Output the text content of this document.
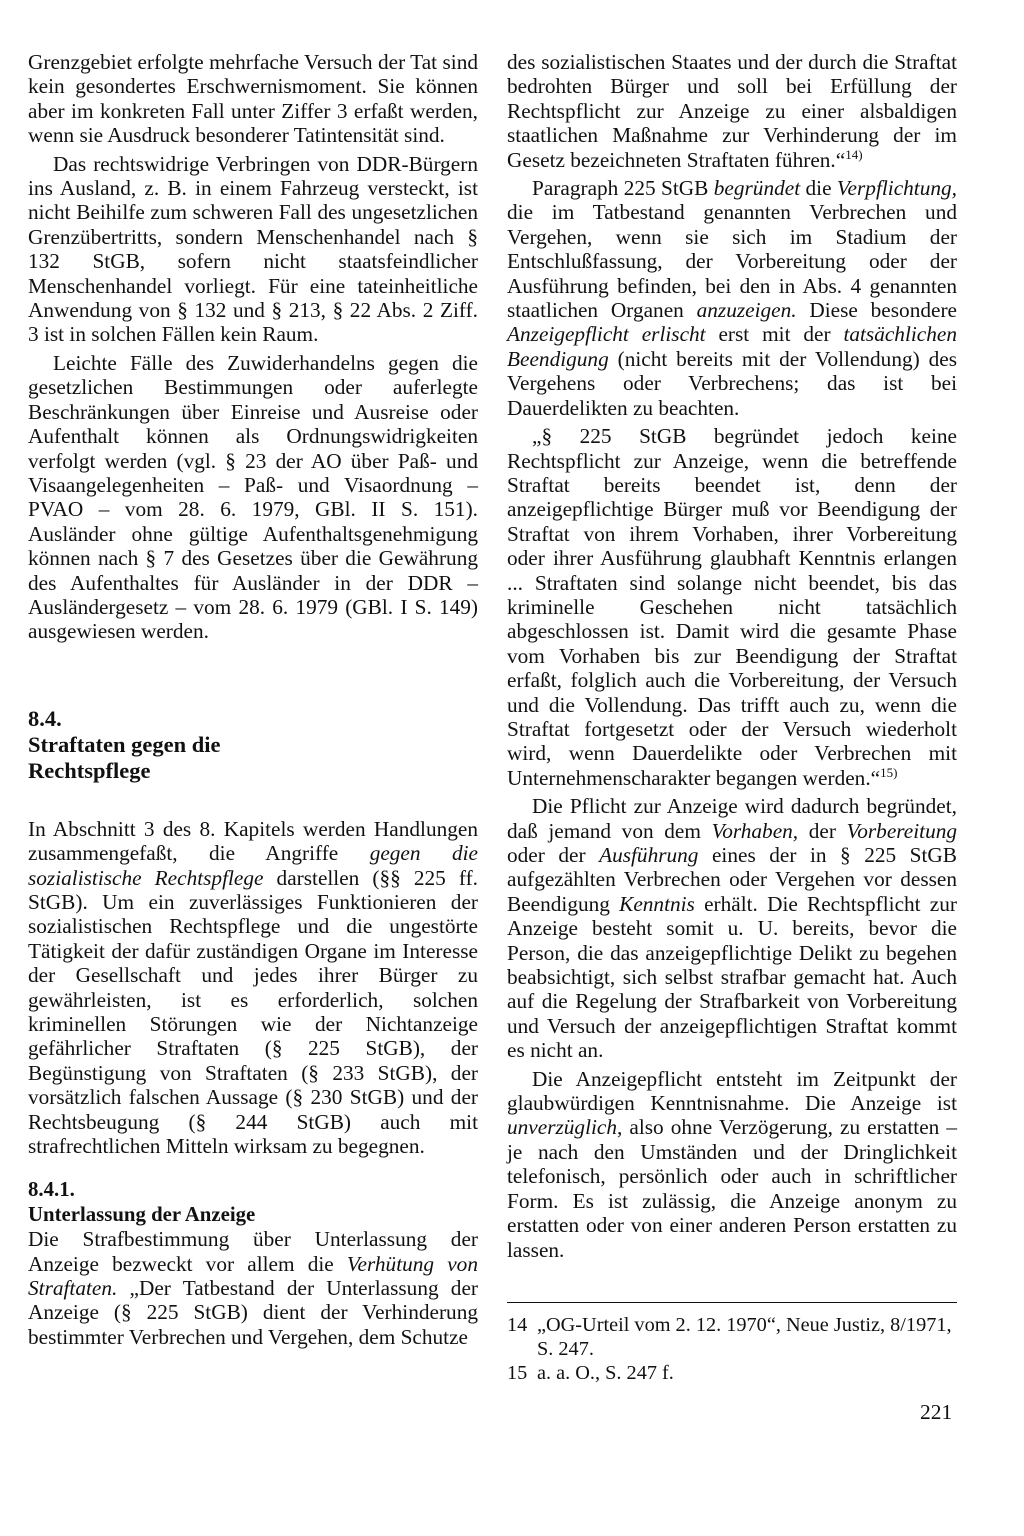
Grenzgebiet erfolgte mehrfache Versuch der Tat sind kein gesondertes Erschwernismoment. Sie können aber im konkreten Fall unter Ziffer 3 erfaßt werden, wenn sie Ausdruck besonderer Tatintensität sind.

Das rechtswidrige Verbringen von DDR-Bürgern ins Ausland, z. B. in einem Fahrzeug versteckt, ist nicht Beihilfe zum schweren Fall des ungesetzlichen Grenzübertritts, sondern Menschenhandel nach § 132 StGB, sofern nicht staatsfeindlicher Menschenhandel vorliegt. Für eine tateinheitliche Anwendung von § 132 und § 213, § 22 Abs. 2 Ziff. 3 ist in solchen Fällen kein Raum.

Leichte Fälle des Zuwiderhandelns gegen die gesetzlichen Bestimmungen oder auferlegte Beschränkungen über Einreise und Ausreise oder Aufenthalt können als Ordnungswidrigkeiten verfolgt werden (vgl. § 23 der AO über Paß- und Visaangelegenheiten – Paß- und Visaordnung – PVAO – vom 28. 6. 1979, GBl. II S. 151). Ausländer ohne gültige Aufenthaltsgenehmigung können nach § 7 des Gesetzes über die Gewährung des Aufenthaltes für Ausländer in der DDR – Ausländergesetz – vom 28. 6. 1979 (GBl. I S. 149) ausgewiesen werden.

8.4.
Straftaten gegen die
Rechtspflege

In Abschnitt 3 des 8. Kapitels werden Handlungen zusammengefaßt, die Angriffe gegen die sozialistische Rechtspflege darstellen (§§ 225 ff. StGB). Um ein zuverlässiges Funktionieren der sozialistischen Rechtspflege und die ungestörte Tätigkeit der dafür zuständigen Organe im Interesse der Gesellschaft und jedes ihrer Bürger zu gewährleisten, ist es erforderlich, solchen kriminellen Störungen wie der Nichtanzeige gefährlicher Straftaten (§ 225 StGB), der Begünstigung von Straftaten (§ 233 StGB), der vorsätzlich falschen Aussage (§ 230 StGB) und der Rechtsbeugung (§ 244 StGB) auch mit strafrechtlichen Mitteln wirksam zu begegnen.

8.4.1.
Unterlassung der Anzeige

Die Strafbestimmung über Unterlassung der Anzeige bezweckt vor allem die Verhütung von Straftaten. „Der Tatbestand der Unterlassung der Anzeige (§ 225 StGB) dient der Verhinderung bestimmter Verbrechen und Vergehen, dem Schutze

des sozialistischen Staates und der durch die Straftat bedrohten Bürger und soll bei Erfüllung der Rechtspflicht zur Anzeige zu einer alsbaldigen staatlichen Maßnahme zur Verhinderung der im Gesetz bezeichneten Straftaten führen.“$^{14)}$

Paragraph 225 StGB begründet die Verpflichtung, die im Tatbestand genannten Verbrechen und Vergehen, wenn sie sich im Stadium der Entschlußfassung, der Vorbereitung oder der Ausführung befinden, bei den in Abs. 4 genannten staatlichen Organen anzuzeigen. Diese besondere Anzeigepflicht erlischt erst mit der tatsächlichen Beendigung (nicht bereits mit der Vollendung) des Vergehens oder Verbrechens; das ist bei Dauerdelikten zu beachten.

„§ 225 StGB begründet jedoch keine Rechtspflicht zur Anzeige, wenn die betreffende Straftat bereits beendet ist, denn der anzeigepflichtige Bürger muß vor Beendigung der Straftat von ihrem Vorhaben, ihrer Vorbereitung oder ihrer Ausführung glaubhaft Kenntnis erlangen ... Straftaten sind solange nicht beendet, bis das kriminelle Geschehen nicht tatsächlich abgeschlossen ist. Damit wird die gesamte Phase vom Vorhaben bis zur Beendigung der Straftat erfaßt, folglich auch die Vorbereitung, der Versuch und die Vollendung. Das trifft auch zu, wenn die Straftat fortgesetzt oder der Versuch wiederholt wird, wenn Dauerdelikte oder Verbrechen mit Unternehmenscharakter begangen werden.“$^{15)}$

Die Pflicht zur Anzeige wird dadurch begründet, daß jemand von dem Vorhaben, der Vorbereitung oder der Ausführung eines der in § 225 StGB aufgezählten Verbrechen oder Vergehen vor dessen Beendigung Kenntnis erhält. Die Rechtspflicht zur Anzeige besteht somit u. U. bereits, bevor die Person, die das anzeigepflichtige Delikt zu begehen beabsichtigt, sich selbst strafbar gemacht hat. Auch auf die Regelung der Strafbarkeit von Vorbereitung und Versuch der anzeigepflichtigen Straftat kommt es nicht an.

Die Anzeigepflicht entsteht im Zeitpunkt der glaubwürdigen Kenntnisnahme. Die Anzeige ist unverzüglich, also ohne Verzögerung, zu erstatten – je nach den Umständen und der Dringlichkeit telefonisch, persönlich oder auch in schriftlicher Form. Es ist zulässig, die Anzeige anonym zu erstatten oder von einer anderen Person erstatten zu lassen.

14 „OG-Urteil vom 2. 12. 1970“, Neue Justiz, 8/1971, S. 247.
15 a. a. O., S. 247 f.
221
